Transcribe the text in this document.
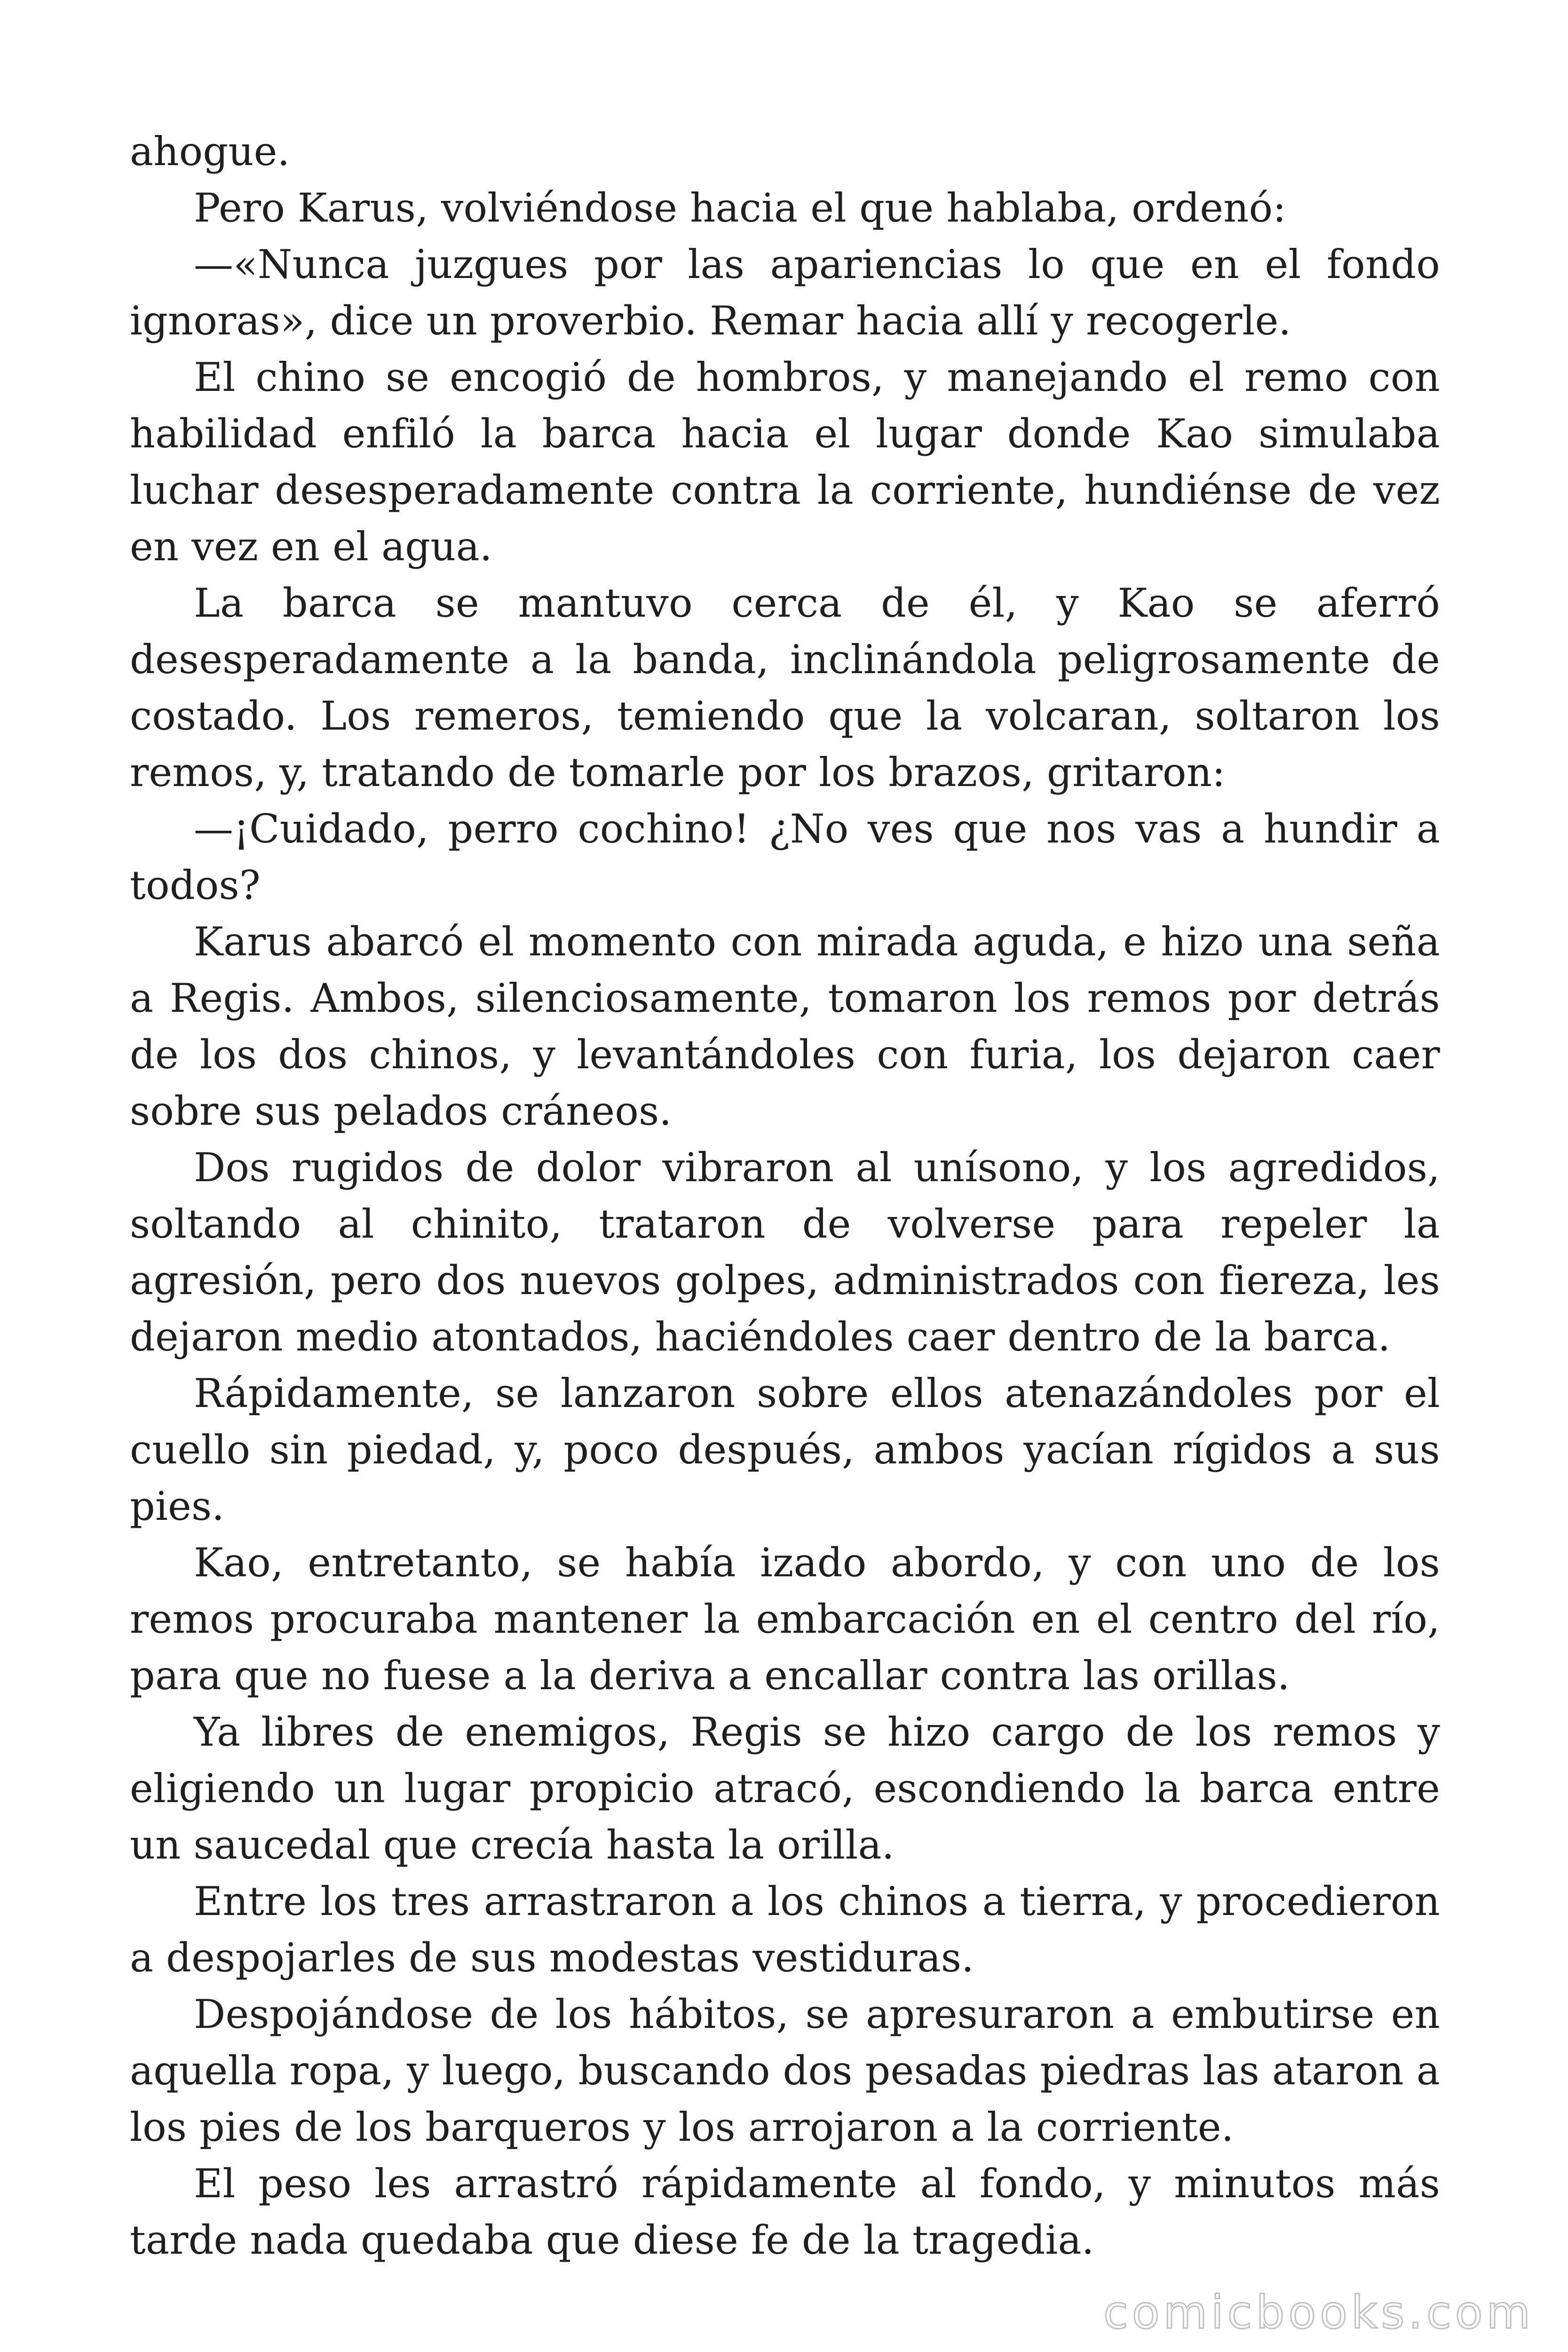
ahogue.

Pero Karus, volviéndose hacia el que hablaba, ordenó:

—«Nunca juzgues por las apariencias lo que en el fondo ignoras», dice un proverbio. Remar hacia allí y recogerle.

El chino se encogió de hombros, y manejando el remo con habilidad enfiló la barca hacia el lugar donde Kao simulaba luchar desesperadamente contra la corriente, hundiénse de vez en vez en el agua.

La barca se mantuvo cerca de él, y Kao se aferró desesperadamente a la banda, inclinándola peligrosamente de costado. Los remeros, temiendo que la volcaran, soltaron los remos, y, tratando de tomarle por los brazos, gritaron:

—¡Cuidado, perro cochino! ¿No ves que nos vas a hundir a todos?

Karus abarcó el momento con mirada aguda, e hizo una seña a Regis. Ambos, silenciosamente, tomaron los remos por detrás de los dos chinos, y levantándoles con furia, los dejaron caer sobre sus pelados cráneos.

Dos rugidos de dolor vibraron al unísono, y los agredidos, soltando al chinito, trataron de volverse para repeler la agresión, pero dos nuevos golpes, administrados con fiereza, les dejaron medio atontados, haciéndoles caer dentro de la barca.

Rápidamente, se lanzaron sobre ellos atenazándoles por el cuello sin piedad, y, poco después, ambos yacían rígidos a sus pies.

Kao, entretanto, se había izado abordo, y con uno de los remos procuraba mantener la embarcación en el centro del río, para que no fuese a la deriva a encallar contra las orillas.

Ya libres de enemigos, Regis se hizo cargo de los remos y eligiendo un lugar propicio atracó, escondiendo la barca entre un saucedal que crecía hasta la orilla.

Entre los tres arrastraron a los chinos a tierra, y procedieron a despojarles de sus modestas vestiduras.

Despojándose de los hábitos, se apresuraron a embutirse en aquella ropa, y luego, buscando dos pesadas piedras las ataron a los pies de los barqueros y los arrojaron a la corriente.

El peso les arrastró rápidamente al fondo, y minutos más tarde nada quedaba que diese fe de la tragedia.

comicbooks.com
